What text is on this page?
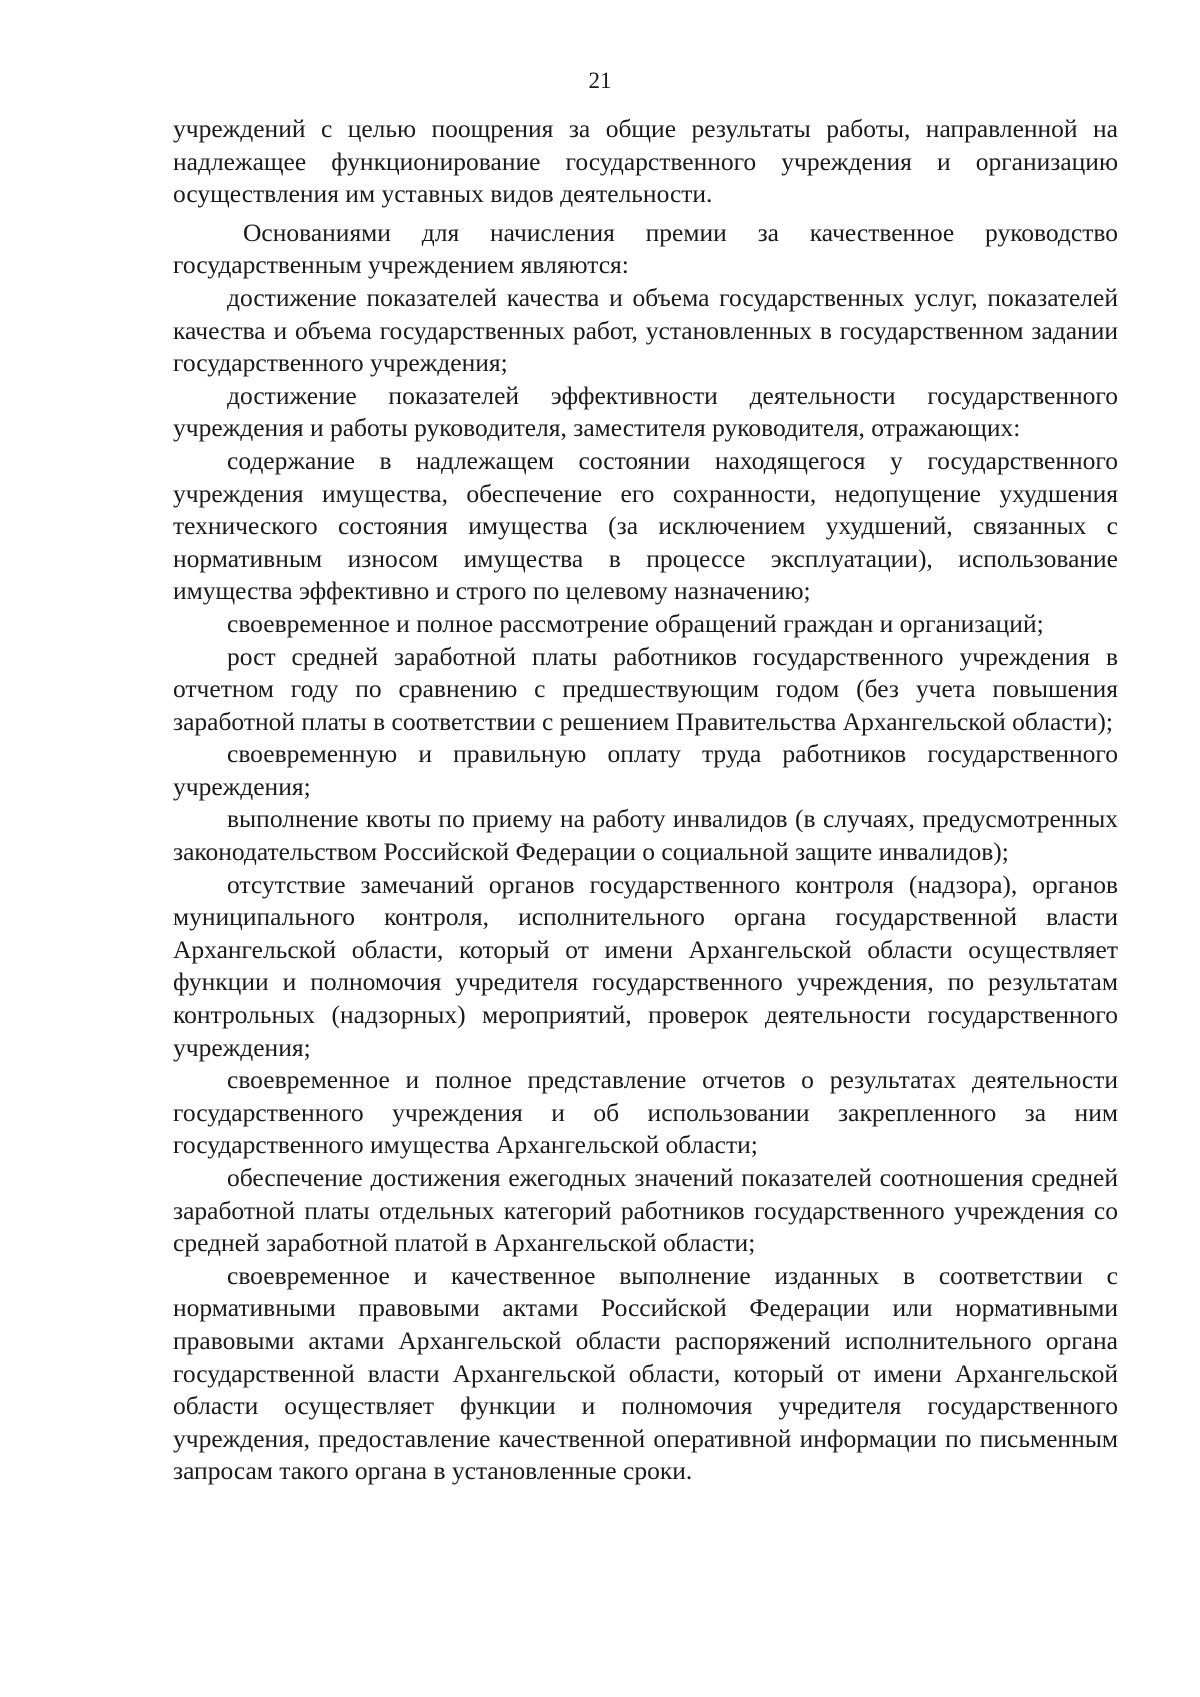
21

учреждений с целью поощрения за общие результаты работы, направленной на надлежащее функционирование государственного учреждения и организацию осуществления им уставных видов деятельности.

Основаниями для начисления премии за качественное руководство государственным учреждением являются:

достижение показателей качества и объема государственных услуг, показателей качества и объема государственных работ, установленных в государственном задании государственного учреждения;

достижение показателей эффективности деятельности государственного учреждения и работы руководителя, заместителя руководителя, отражающих:

содержание в надлежащем состоянии находящегося у государственного учреждения имущества, обеспечение его сохранности, недопущение ухудшения технического состояния имущества (за исключением ухудшений, связанных с нормативным износом имущества в процессе эксплуатации), использование имущества эффективно и строго по целевому назначению;

своевременное и полное рассмотрение обращений граждан и организаций;

рост средней заработной платы работников государственного учреждения в отчетном году по сравнению с предшествующим годом (без учета повышения заработной платы в соответствии с решением Правительства Архангельской области);

своевременную и правильную оплату труда работников государственного учреждения;

выполнение квоты по приему на работу инвалидов (в случаях, предусмотренных законодательством Российской Федерации о социальной защите инвалидов);

отсутствие замечаний органов государственного контроля (надзора), органов муниципального контроля, исполнительного органа государственной власти Архангельской области, который от имени Архангельской области осуществляет функции и полномочия учредителя государственного учреждения, по результатам контрольных (надзорных) мероприятий, проверок деятельности государственного учреждения;

своевременное и полное представление отчетов о результатах деятельности государственного учреждения и об использовании закрепленного за ним государственного имущества Архангельской области;

обеспечение достижения ежегодных значений показателей соотношения средней заработной платы отдельных категорий работников государственного учреждения со средней заработной платой в Архангельской области;

своевременное и качественное выполнение изданных в соответствии с нормативными правовыми актами Российской Федерации или нормативными правовыми актами Архангельской области распоряжений исполнительного органа государственной власти Архангельской области, который от имени Архангельской области осуществляет функции и полномочия учредителя государственного учреждения, предоставление качественной оперативной информации по письменным запросам такого органа в установленные сроки.
